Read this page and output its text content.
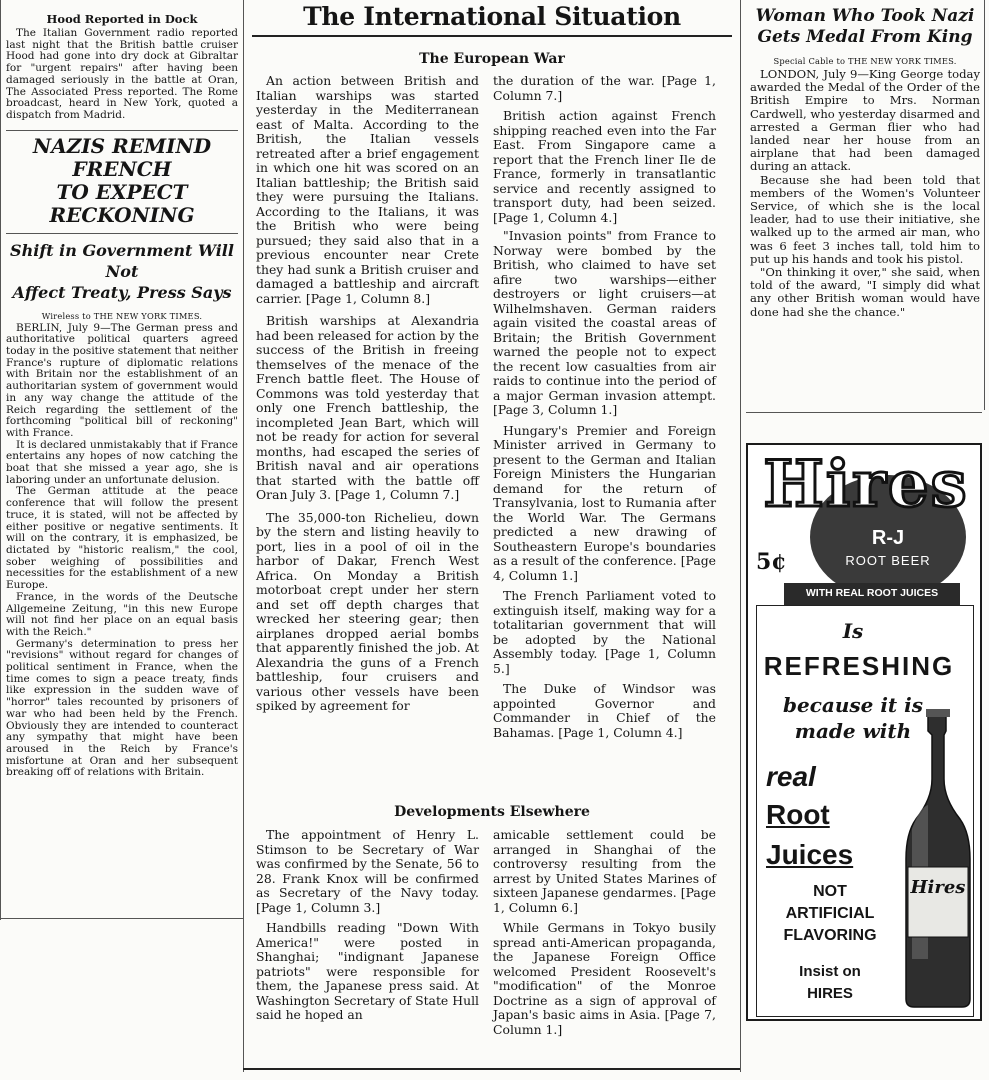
Hood Reported in Dock

The Italian Government radio reported last night that the British battle cruiser Hood had gone into dry dock at Gibraltar for "urgent repairs" after having been damaged seriously in the battle at Oran, The Associated Press reported. The Rome broadcast, heard in New York, quoted a dispatch from Madrid.

NAZIS REMIND FRENCH
TO EXPECT RECKONING
Shift in Government Will Not
Affect Treaty, Press Says
Wireless to THE NEW YORK TIMES.

BERLIN, July 9—The German press and authoritative political quarters agreed today in the positive statement that neither France's rupture of diplomatic relations with Britain nor the establishment of an authoritarian system of government would in any way change the attitude of the Reich regarding the settlement of the forthcoming "political bill of reckoning" with France.

It is declared unmistakably that if France entertains any hopes of now catching the boat that she missed a year ago, she is laboring under an unfortunate delusion.

The German attitude at the peace conference that will follow the present truce, it is stated, will not be affected by either positive or negative sentiments. It will on the contrary, it is emphasized, be dictated by "historic realism," the cool, sober weighing of possibilities and necessities for the establishment of a new Europe.

France, in the words of the Deutsche Allgemeine Zeitung, "in this new Europe will not find her place on an equal basis with the Reich."

Germany's determination to press her "revisions" without regard for changes of political sentiment in France, when the time comes to sign a peace treaty, finds like expression in the sudden wave of "horror" tales recounted by prisoners of war who had been held by the French. Obviously they are intended to counteract any sympathy that might have been aroused in the Reich by France's misfortune at Oran and her subsequent breaking off of relations with Britain.

The International Situation
The European War

An action between British and Italian warships was started yesterday in the Mediterranean east of Malta. According to the British, the Italian vessels retreated after a brief engagement in which one hit was scored on an Italian battleship; the British said they were pursuing the Italians. According to the Italians, it was the British who were being pursued; they said also that in a previous encounter near Crete they had sunk a British cruiser and damaged a battleship and aircraft carrier. [Page 1, Column 8.]

British warships at Alexandria had been released for action by the success of the British in freeing themselves of the menace of the French battle fleet. The House of Commons was told yesterday that only one French battleship, the incompleted Jean Bart, which will not be ready for action for several months, had escaped the series of British naval and air operations that started with the battle off Oran July 3. [Page 1, Column 7.]

The 35,000-ton Richelieu, down by the stern and listing heavily to port, lies in a pool of oil in the harbor of Dakar, French West Africa. On Monday a British motorboat crept under her stern and set off depth charges that wrecked her steering gear; then airplanes dropped aerial bombs that apparently finished the job. At Alexandria the guns of a French battleship, four cruisers and various other vessels have been spiked by agreement for

the duration of the war. [Page 1, Column 7.]

British action against French shipping reached even into the Far East. From Singapore came a report that the French liner Ile de France, formerly in transatlantic service and recently assigned to transport duty, had been seized. [Page 1, Column 4.]

"Invasion points" from France to Norway were bombed by the British, who claimed to have set afire two warships—either destroyers or light cruisers—at Wilhelmshaven. German raiders again visited the coastal areas of Britain; the British Government warned the people not to expect the recent low casualties from air raids to continue into the period of a major German invasion attempt. [Page 3, Column 1.]

Hungary's Premier and Foreign Minister arrived in Germany to present to the German and Italian Foreign Ministers the Hungarian demand for the return of Transylvania, lost to Rumania after the World War. The Germans predicted a new drawing of Southeastern Europe's boundaries as a result of the conference. [Page 4, Column 1.]

The French Parliament voted to extinguish itself, making way for a totalitarian government that will be adopted by the National Assembly today. [Page 1, Column 5.]

The Duke of Windsor was appointed Governor and Commander in Chief of the Bahamas. [Page 1, Column 4.]

Developments Elsewhere

The appointment of Henry L. Stimson to be Secretary of War was confirmed by the Senate, 56 to 28. Frank Knox will be confirmed as Secretary of the Navy today. [Page 1, Column 3.]

Handbills reading "Down With America!" were posted in Shanghai; "indignant Japanese patriots" were responsible for them, the Japanese press said. At Washington Secretary of State Hull said he hoped an

amicable settlement could be arranged in Shanghai of the controversy resulting from the arrest by United States Marines of sixteen Japanese gendarmes. [Page 1, Column 6.]

While Germans in Tokyo busily spread anti-American propaganda, the Japanese Foreign Office welcomed President Roosevelt's "modification" of the Monroe Doctrine as a sign of approval of Japan's basic aims in Asia. [Page 7, Column 1.]

Woman Who Took Nazi
Gets Medal From King
Special Cable to THE NEW YORK TIMES.

LONDON, July 9—King George today awarded the Medal of the Order of the British Empire to Mrs. Norman Cardwell, who yesterday disarmed and arrested a German flier who had landed near her house from an airplane that had been damaged during an attack.

Because she had been told that members of the Women's Volunteer Service, of which she is the local leader, had to use their initiative, she walked up to the armed air man, who was 6 feet 3 inches tall, told him to put up his hands and took his pistol.

"On thinking it over," she said, when told of the award, "I simply did what any other British woman would have done had she the chance."

Hires
R-J
ROOT BEER
5¢
WITH REAL ROOT JUICES
Is
REFRESHING
because it is
made with
real
Root
Juices
NOT
ARTIFICIAL
FLAVORING
Insist on
HIRES
Hires
